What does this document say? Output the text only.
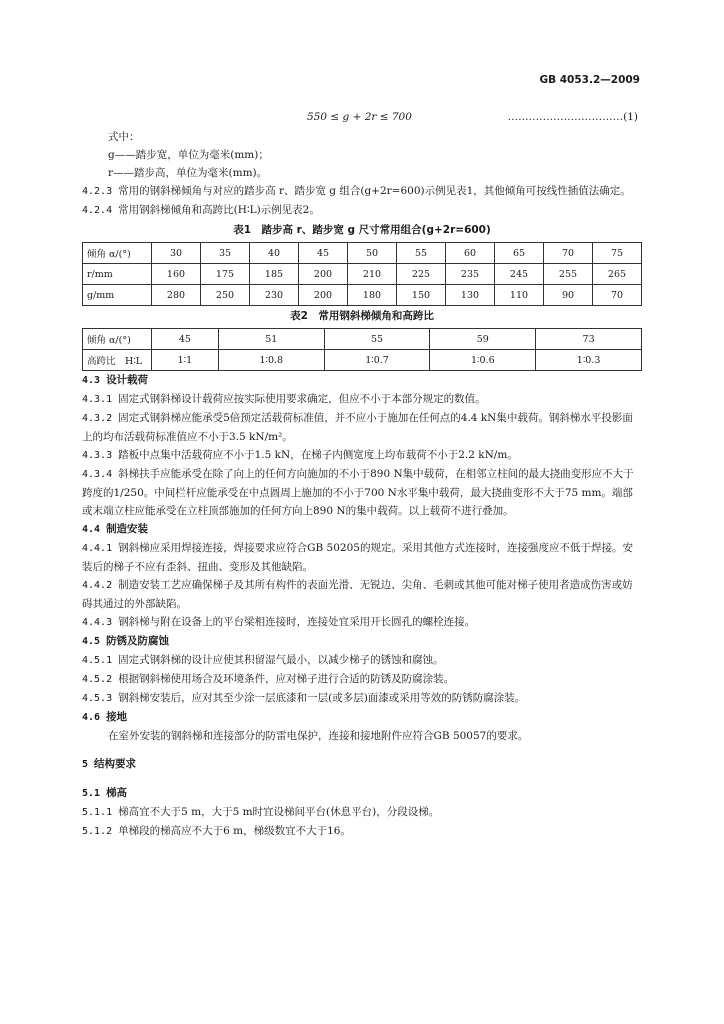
GB 4053.2—2009
550 ≤ g + 2r ≤ 700	……………………………(1)

式中：

g——踏步宽，单位为毫米(mm)；

r——踏步高，单位为毫米(mm)。

4.2.3 常用的钢斜梯倾角与对应的踏步高 r、踏步宽 g 组合(g+2r=600)示例见表1，其他倾角可按线性插值法确定。

4.2.4 常用钢斜梯倾角和高跨比(H∶L)示例见表2。

表1　踏步高 r、踏步宽 g 尺寸常用组合(g+2r=600)
倾角 α/(°)	30	35	40	45	50	55	60	65	70	75
r/mm	160	175	185	200	210	225	235	245	255	265
g/mm	280	250	230	200	180	150	130	110	90	70
表2　常用钢斜梯倾角和高跨比
倾角 α/(°)	45	51	55	59	73
高跨比　H∶L	1∶1	1∶0.8	1∶0.7	1∶0.6	1∶0.3

4.3 设计载荷

4.3.1 固定式钢斜梯设计载荷应按实际使用要求确定，但应不小于本部分规定的数值。

4.3.2 固定式钢斜梯应能承受5倍预定活载荷标准值，并不应小于施加在任何点的4.4 kN集中载荷。钢斜梯水平投影面上的均布活载荷标准值应不小于3.5 kN/m²。

4.3.3 踏板中点集中活载荷应不小于1.5 kN，在梯子内侧宽度上均布载荷不小于2.2 kN/m。

4.3.4 斜梯扶手应能承受在除了向上的任何方向施加的不小于890 N集中载荷，在相邻立柱间的最大挠曲变形应不大于跨度的1/250。中间栏杆应能承受在中点圆周上施加的不小于700 N水平集中载荷，最大挠曲变形不大于75 mm。端部或末端立柱应能承受在立柱顶部施加的任何方向上890 N的集中载荷。以上载荷不进行叠加。

4.4 制造安装

4.4.1 钢斜梯应采用焊接连接，焊接要求应符合GB 50205的规定。采用其他方式连接时，连接强度应不低于焊接。安装后的梯子不应有歪斜、扭曲、变形及其他缺陷。

4.4.2 制造安装工艺应确保梯子及其所有构件的表面光滑、无锐边、尖角、毛刺或其他可能对梯子使用者造成伤害或妨碍其通过的外部缺陷。

4.4.3 钢斜梯与附在设备上的平台梁相连接时，连接处宜采用开长圆孔的螺栓连接。

4.5 防锈及防腐蚀

4.5.1 固定式钢斜梯的设计应使其积留湿气最小，以减少梯子的锈蚀和腐蚀。

4.5.2 根据钢斜梯使用场合及环境条件，应对梯子进行合适的防锈及防腐涂装。

4.5.3 钢斜梯安装后，应对其至少涂一层底漆和一层(或多层)面漆或采用等效的防锈防腐涂装。

4.6 接地

在室外安装的钢斜梯和连接部分的防雷电保护，连接和接地附件应符合GB 50057的要求。

5 结构要求

5.1 梯高

5.1.1 梯高宜不大于5 m，大于5 m时宜设梯间平台(休息平台)，分段设梯。

5.1.2 单梯段的梯高应不大于6 m，梯级数宜不大于16。
